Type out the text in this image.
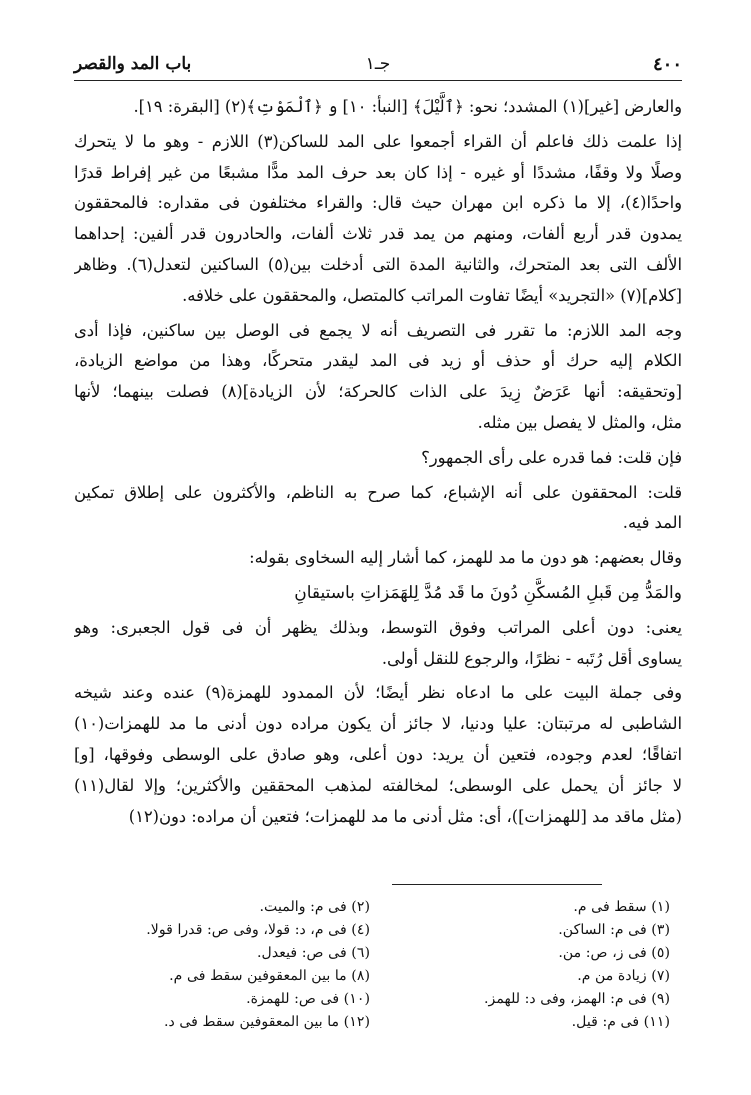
٤٠٠
جـ١
باب المد والقصر
والعارض [غير](١) المشدد؛ نحو: ﴿ٱلَّيْلَ﴾ [النبأ: ١٠] و ﴿ٱلْمَوْتِ﴾(٢) [البقرة: ١٩].
إذا علمت ذلك فاعلم أن القراء أجمعوا على المد للساكن(٣) اللازم - وهو ما لا يتحرك
وصلًا ولا وقفًا، مشددًا أو غيره - إذا كان بعد حرف المد مدًّا مشبعًا من غير إفراط قدرًا
واحدًا(٤)، إلا ما ذكره ابن مهران حيث قال: والقراء مختلفون فى مقداره: فالمحققون
يمدون قدر أربع ألفات، ومنهم من يمد قدر ثلاث ألفات، والحادرون قدر ألفين: إحداهما
الألف التى بعد المتحرك، والثانية المدة التى أدخلت بين(٥) الساكنين لتعدل(٦). وظاهر
[كلام](٧) «التجريد» أيضًا تفاوت المراتب كالمتصل، والمحققون على خلافه.
وجه المد اللازم: ما تقرر فى التصريف أنه لا يجمع فى الوصل بين ساكنين، فإذا أدى
الكلام إليه حرك أو حذف أو زيد فى المد ليقدر متحركًا، وهذا من مواضع الزيادة،
[وتحقيقه: أنها عَرَضٌ زِيدَ على الذات كالحركة؛ لأن الزيادة](٨) فصلت بينهما؛ لأنها
مثل، والمثل لا يفصل بين مثله.
فإن قلت: فما قدره على رأى الجمهور؟
قلت: المحققون على أنه الإشباع، كما صرح به الناظم، والأكثرون على إطلاق تمكين
المد فيه.
وقال بعضهم: هو دون ما مد للهمز، كما أشار إليه السخاوى بقوله:
والمَدُّ مِن قَبلِ المُسكَّنِ دُونَ ما قَد مُدَّ لِلهَمَزاتِ باستيقانِ
يعنى: دون أعلى المراتب وفوق التوسط، وبذلك يظهر أن فى قول الجعبرى: وهو
يساوى أقل رُتَبه - نظرًا، والرجوع للنقل أولى.
وفى جملة البيت على ما ادعاه نظر أيضًا؛ لأن الممدود للهمزة(٩) عنده وعند شيخه
الشاطبى له مرتبتان: عليا ودنيا، لا جائز أن يكون مراده دون أدنى ما مد للهمزات(١٠)
اتفاقًا؛ لعدم وجوده، فتعين أن يريد: دون أعلى، وهو صادق على الوسطى وفوقها، [و]
لا جائز أن يحمل على الوسطى؛ لمخالفته لمذهب المحققين والأكثرين؛ وإلا لقال(١١)
(مثل ماقد مد [للهمزات])، أى: مثل أدنى ما مد للهمزات؛ فتعين أن مراده: دون(١٢)
(١) سقط فى م.
(٢) فى م: والميت.
(٣) فى م: الساكن.
(٤) فى م، د: قولا، وفى ص: قدرا قولا.
(٥) فى ز، ص: من.
(٦) فى ص: فيعدل.
(٧) زيادة من م.
(٨) ما بين المعقوفين سقط فى م.
(٩) فى م: الهمز، وفى د: للهمز.
(١٠) فى ص: للهمزة.
(١١) فى م: قيل.
(١٢) ما بين المعقوفين سقط فى د.
